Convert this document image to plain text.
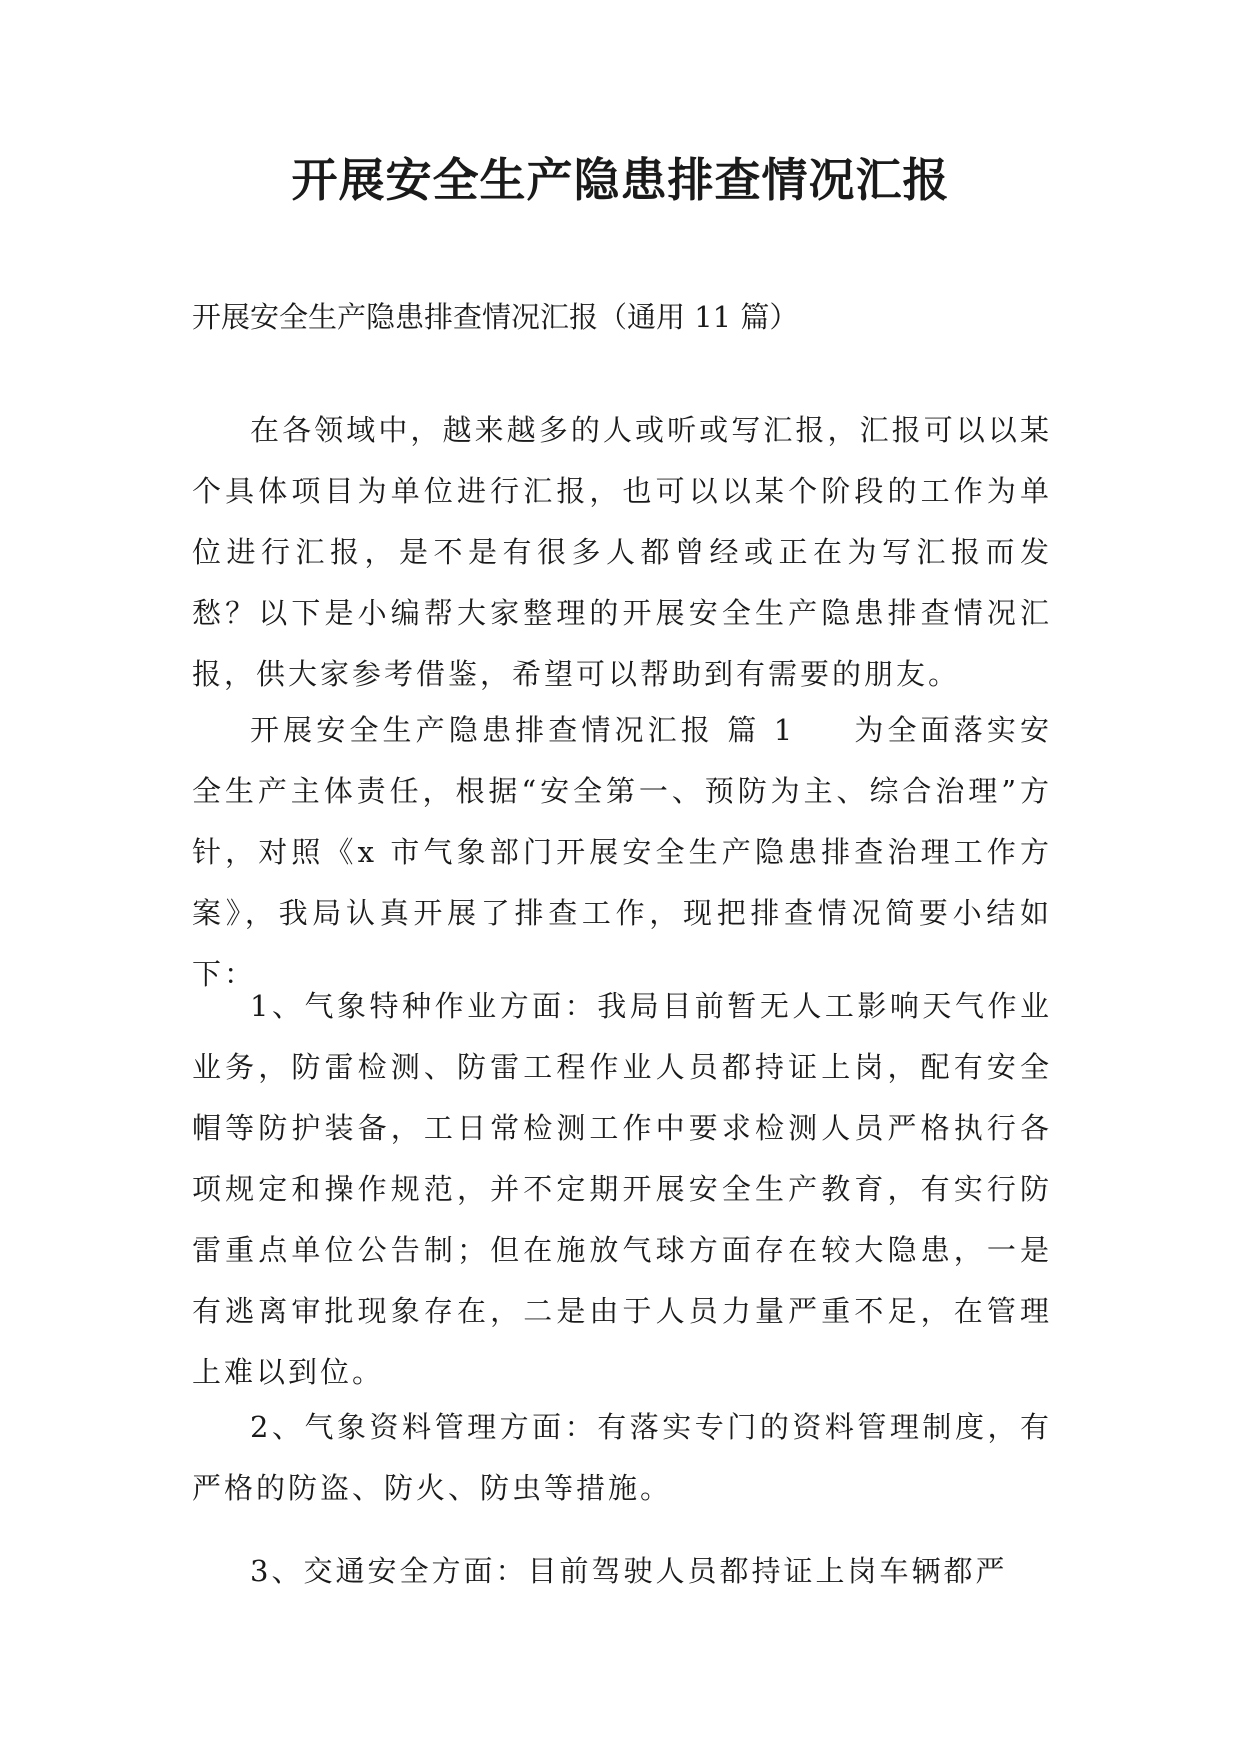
开展安全生产隐患排查情况汇报

开展安全生产隐患排查情况汇报（通用 11 篇）

在各领域中，越来越多的人或听或写汇报，汇报可以以某个具体项目为单位进行汇报，也可以以某个阶段的工作为单位进行汇报，是不是有很多人都曾经或正在为写汇报而发愁？以下是小编帮大家整理的开展安全生产隐患排查情况汇报，供大家参考借鉴，希望可以帮助到有需要的朋友。

开展安全生产隐患排查情况汇报 篇 1 为全面落实安全生产主体责任，根据“安全第一、预防为主、综合治理”方针，对照《x 市气象部门开展安全生产隐患排查治理工作方案》，我局认真开展了排查工作，现把排查情况简要小结如下：

1、气象特种作业方面：我局目前暂无人工影响天气作业业务，防雷检测、防雷工程作业人员都持证上岗，配有安全帽等防护装备，工日常检测工作中要求检测人员严格执行各项规定和操作规范，并不定期开展安全生产教育，有实行防雷重点单位公告制；但在施放气球方面存在较大隐患，一是有逃离审批现象存在，二是由于人员力量严重不足，在管理上难以到位。

2、气象资料管理方面：有落实专门的资料管理制度，有严格的防盗、防火、防虫等措施。

3、交通安全方面：目前驾驶人员都持证上岗车辆都严
